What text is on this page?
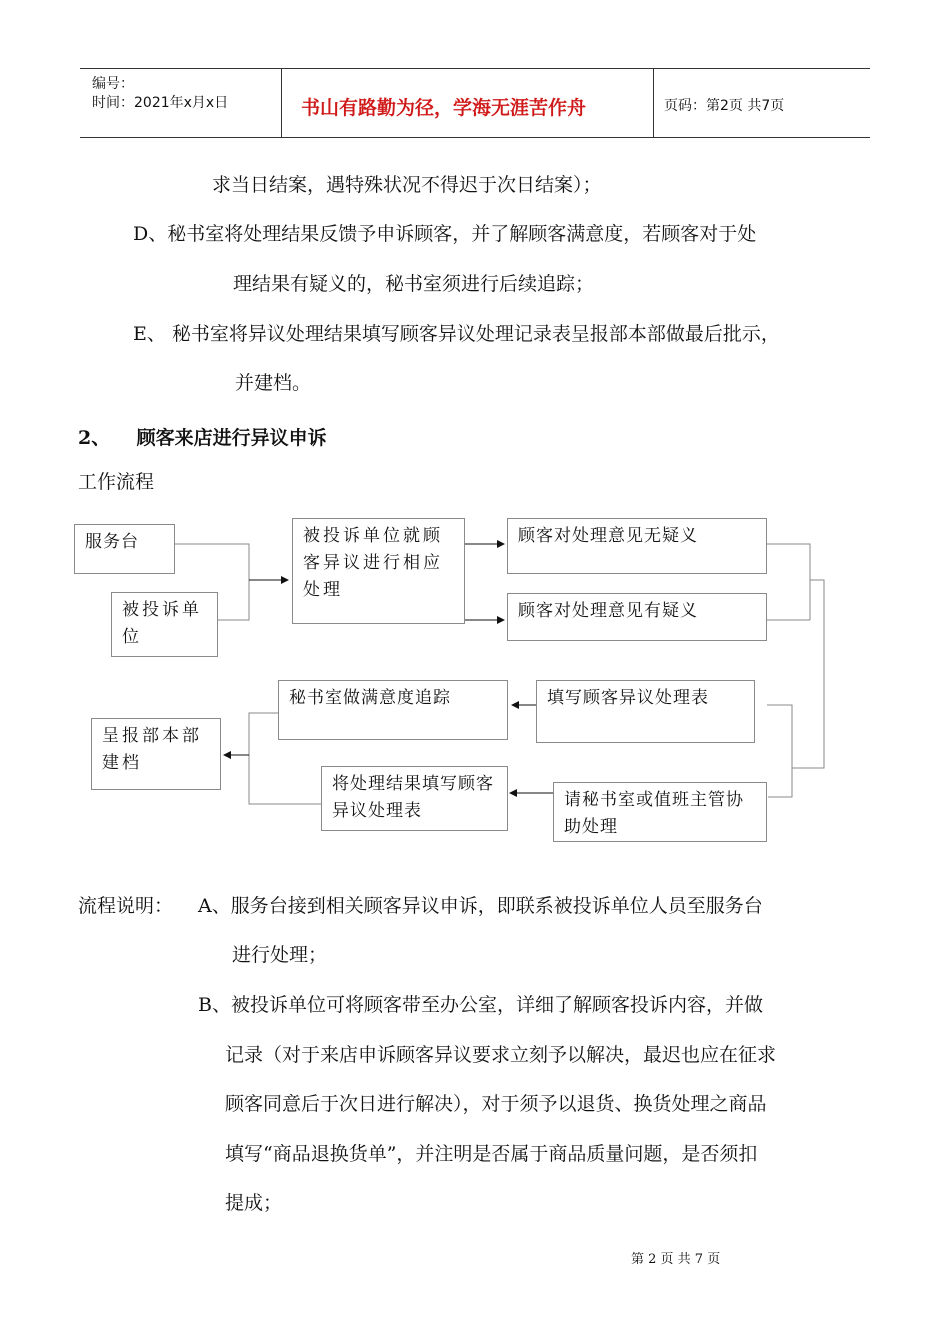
编号：
时间：2021年x月x日	书山有路勤为径，学海无涯苦作舟	页码：第2页 共7页
求当日结案，遇特殊状况不得迟于次日结案）；
D、秘书室将处理结果反馈予申诉顾客，并了解顾客满意度，若顾客对于处
理结果有疑义的，秘书室须进行后续追踪；
E、 秘书室将异议处理结果填写顾客异议处理记录表呈报部本部做最后批示，
并建档。
2、    顾客来店进行异议申诉
工作流程
服务台
被投诉单位
被投诉单位就顾客异议进行相应处理
顾客对处理意见无疑义
顾客对处理意见有疑义
秘书室做满意度追踪	填写顾客异议处理表
呈报部本部建档
将处理结果填写顾客异议处理表
请秘书室或值班主管协助处理
流程说明： A、服务台接到相关顾客异议申诉，即联系被投诉单位人员至服务台
进行处理；
B、被投诉单位可将顾客带至办公室，详细了解顾客投诉内容，并做
记录（对于来店申诉顾客异议要求立刻予以解决，最迟也应在征求
顾客同意后于次日进行解决），对于须予以退货、换货处理之商品
填写“商品退换货单”，并注明是否属于商品质量问题，是否须扣
提成；
第 2 页 共 7 页
